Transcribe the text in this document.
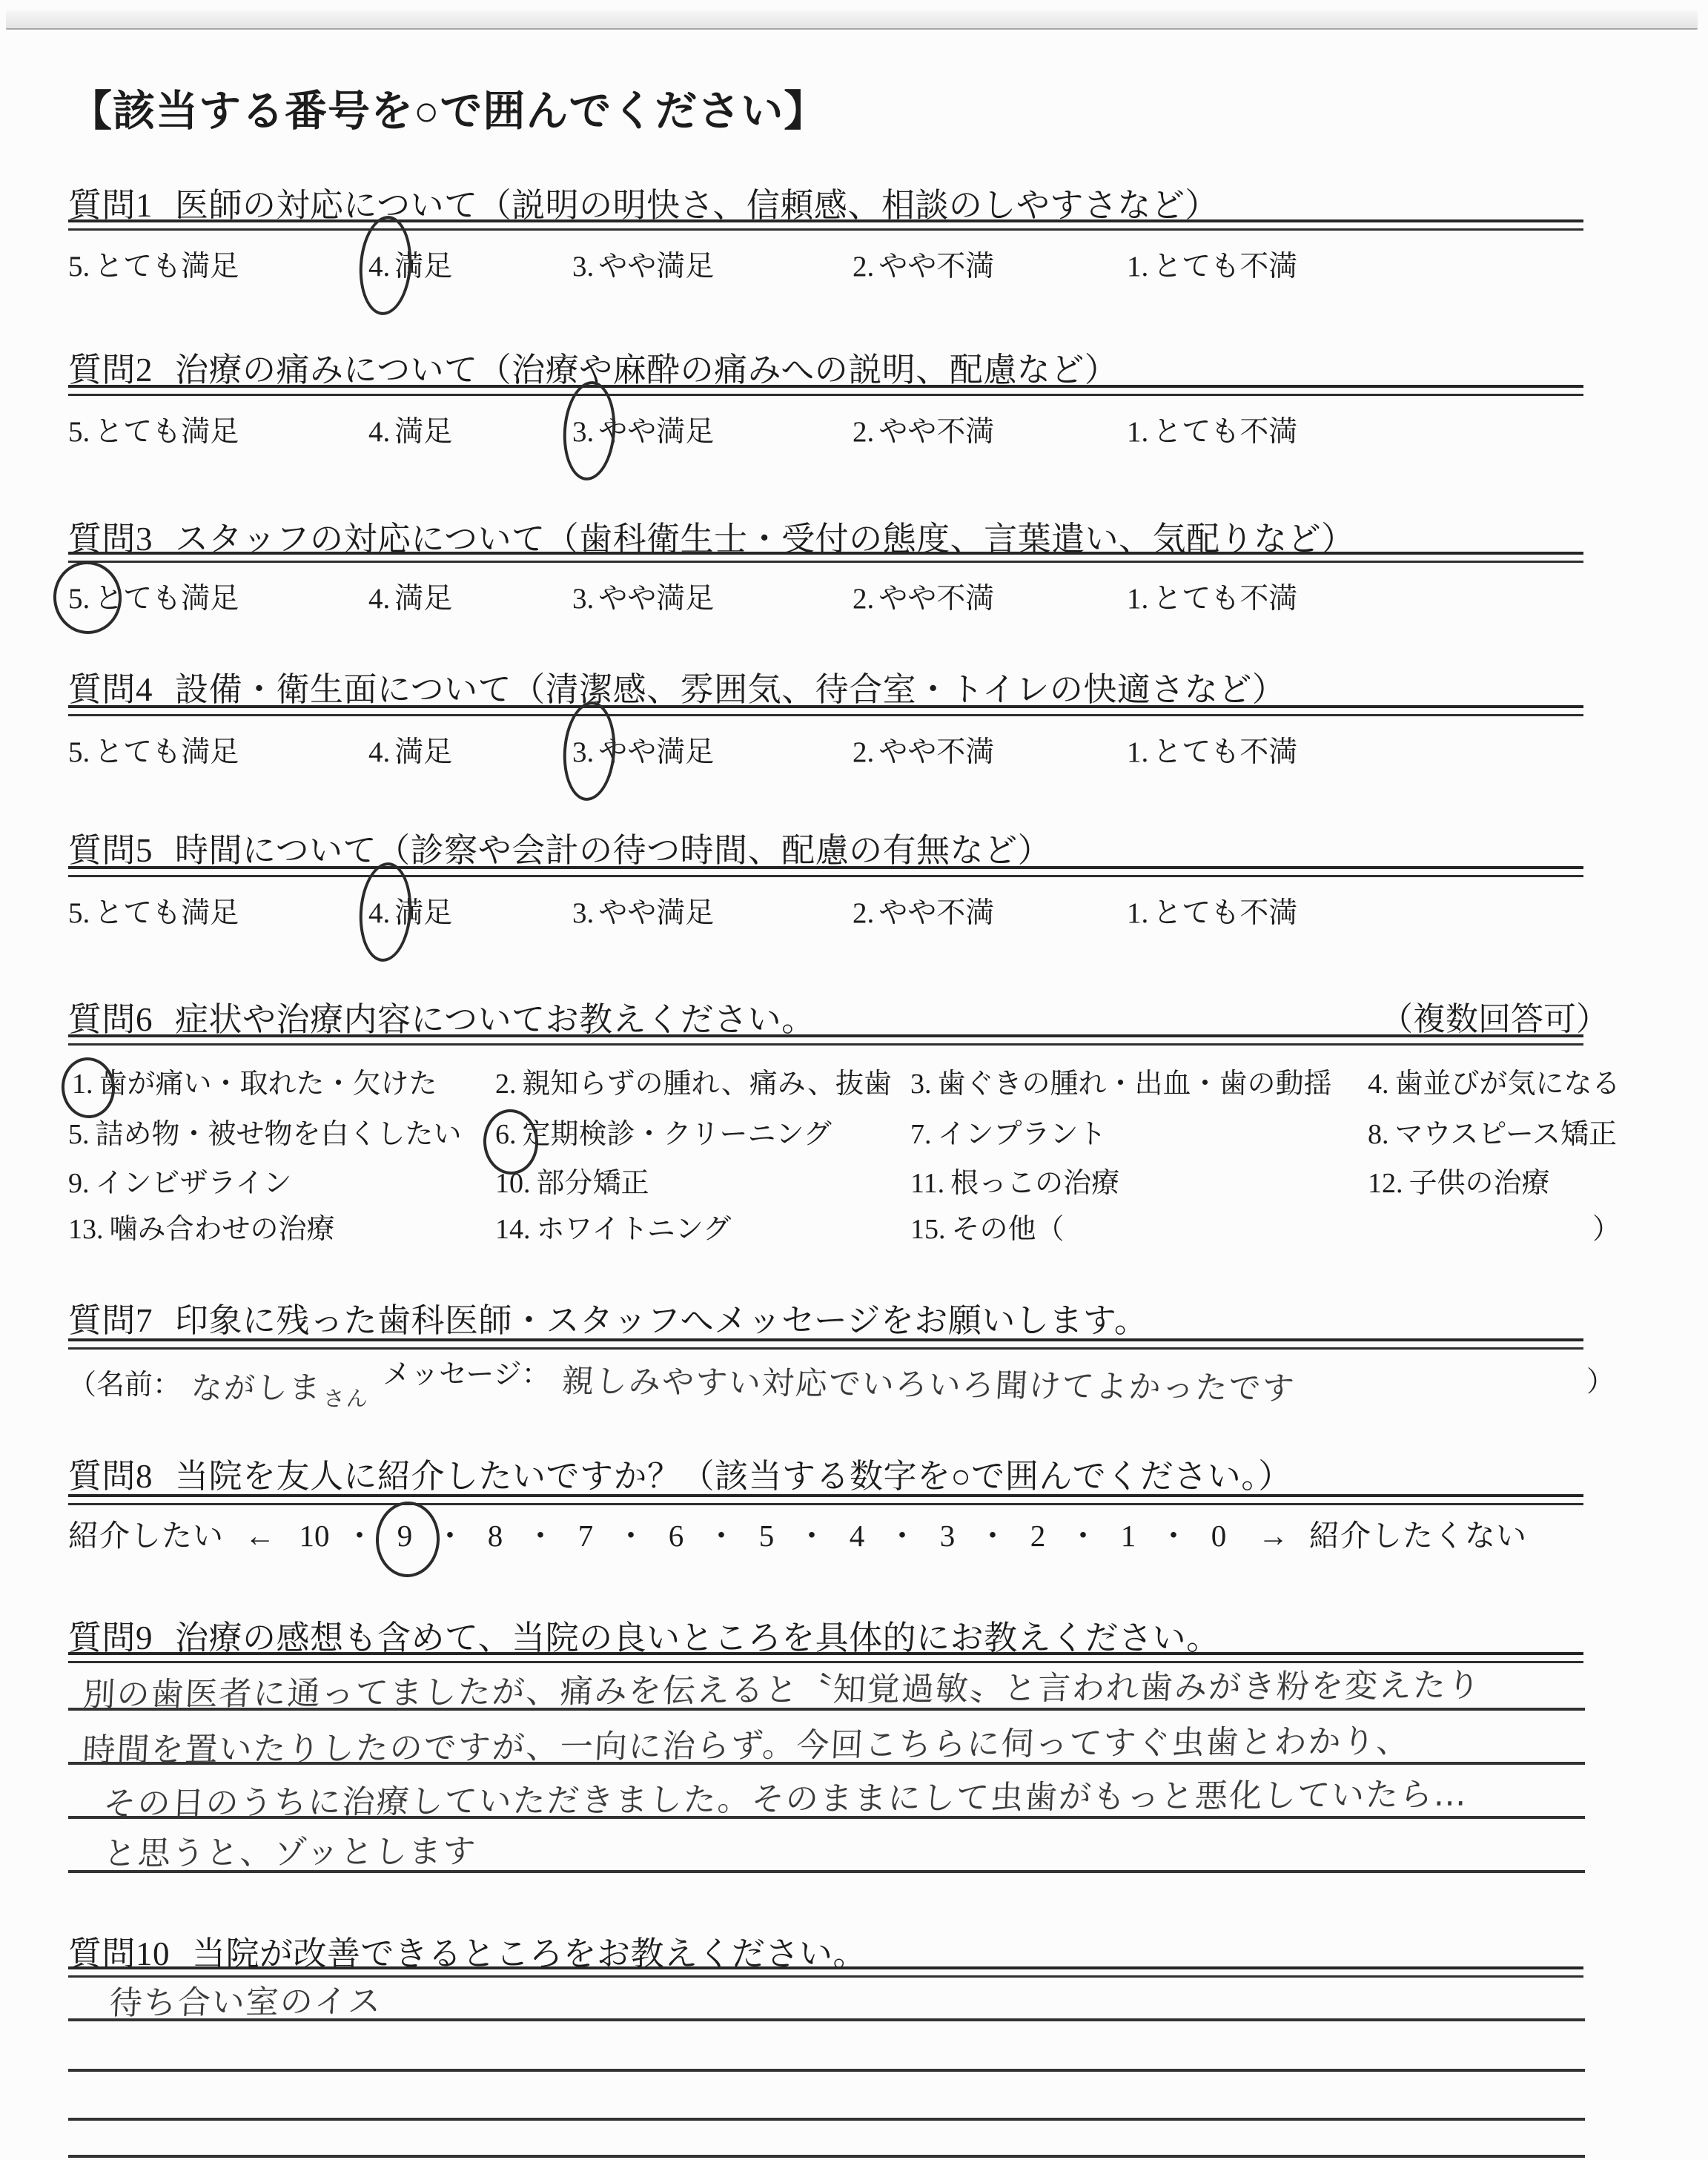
【該当する番号を○で囲んでください】
質問1 医師の対応について（説明の明快さ、信頼感、相談のしやすさなど）
5. とても満足	4. 満足	3. やや満足	2. やや不満	1. とても不満
質問2 治療の痛みについて（治療や麻酔の痛みへの説明、配慮など）
5. とても満足	4. 満足	3. やや満足	2. やや不満	1. とても不満
質問3 スタッフの対応について（歯科衛生士・受付の態度、言葉遣い、気配りなど）
5. とても満足	4. 満足	3. やや満足	2. やや不満	1. とても不満
質問4 設備・衛生面について（清潔感、雰囲気、待合室・トイレの快適さなど）
5. とても満足	4. 満足	3. やや満足	2. やや不満	1. とても不満
質問5 時間について（診察や会計の待つ時間、配慮の有無など）
5. とても満足	4. 満足	3. やや満足	2. やや不満	1. とても不満
質問6 症状や治療内容についてお教えください。	（複数回答可）
1. 歯が痛い・取れた・欠けた 2. 親知らずの腫れ、痛み、抜歯 3. 歯ぐきの腫れ・出血・歯の動揺 4. 歯並びが気になる
5. 詰め物・被せ物を白くしたい 6. 定期検診・クリーニング	7. インプラント	8. マウスピース矯正
9. インビザライン	10. 部分矯正	11. 根っこの治療	12. 子供の治療
13. 噛み合わせの治療	14. ホワイトニング	15. その他（	）
質問7 印象に残った歯科医師・スタッフへメッセージをお願いします。
（名前： ながしまさんメッセージ： 親しみやすい対応でいろいろ聞けてよかったです	）
質問8 当院を友人に紹介したいですか？（該当する数字を○で囲んでください。）
紹介したい ← 10 ・ 9 ・ 8 ・ 7 ・ 6 ・ 5 ・ 4 ・ 3 ・ 2 ・ 1 ・ 0 → 紹介したくない
質問9 治療の感想も含めて、当院の良いところを具体的にお教えください。
別の歯医者に通ってましたが、痛みを伝えると〝知覚過敏〟と言われ歯みがき粉を変えたり
時間を置いたりしたのですが、一向に治らず。今回こちらに伺ってすぐ虫歯とわかり、
その日のうちに治療していただきました。そのままにして虫歯がもっと悪化していたら…
と思うと、ゾッとします
質問10 当院が改善できるところをお教えください。
待ち合い室のイス
